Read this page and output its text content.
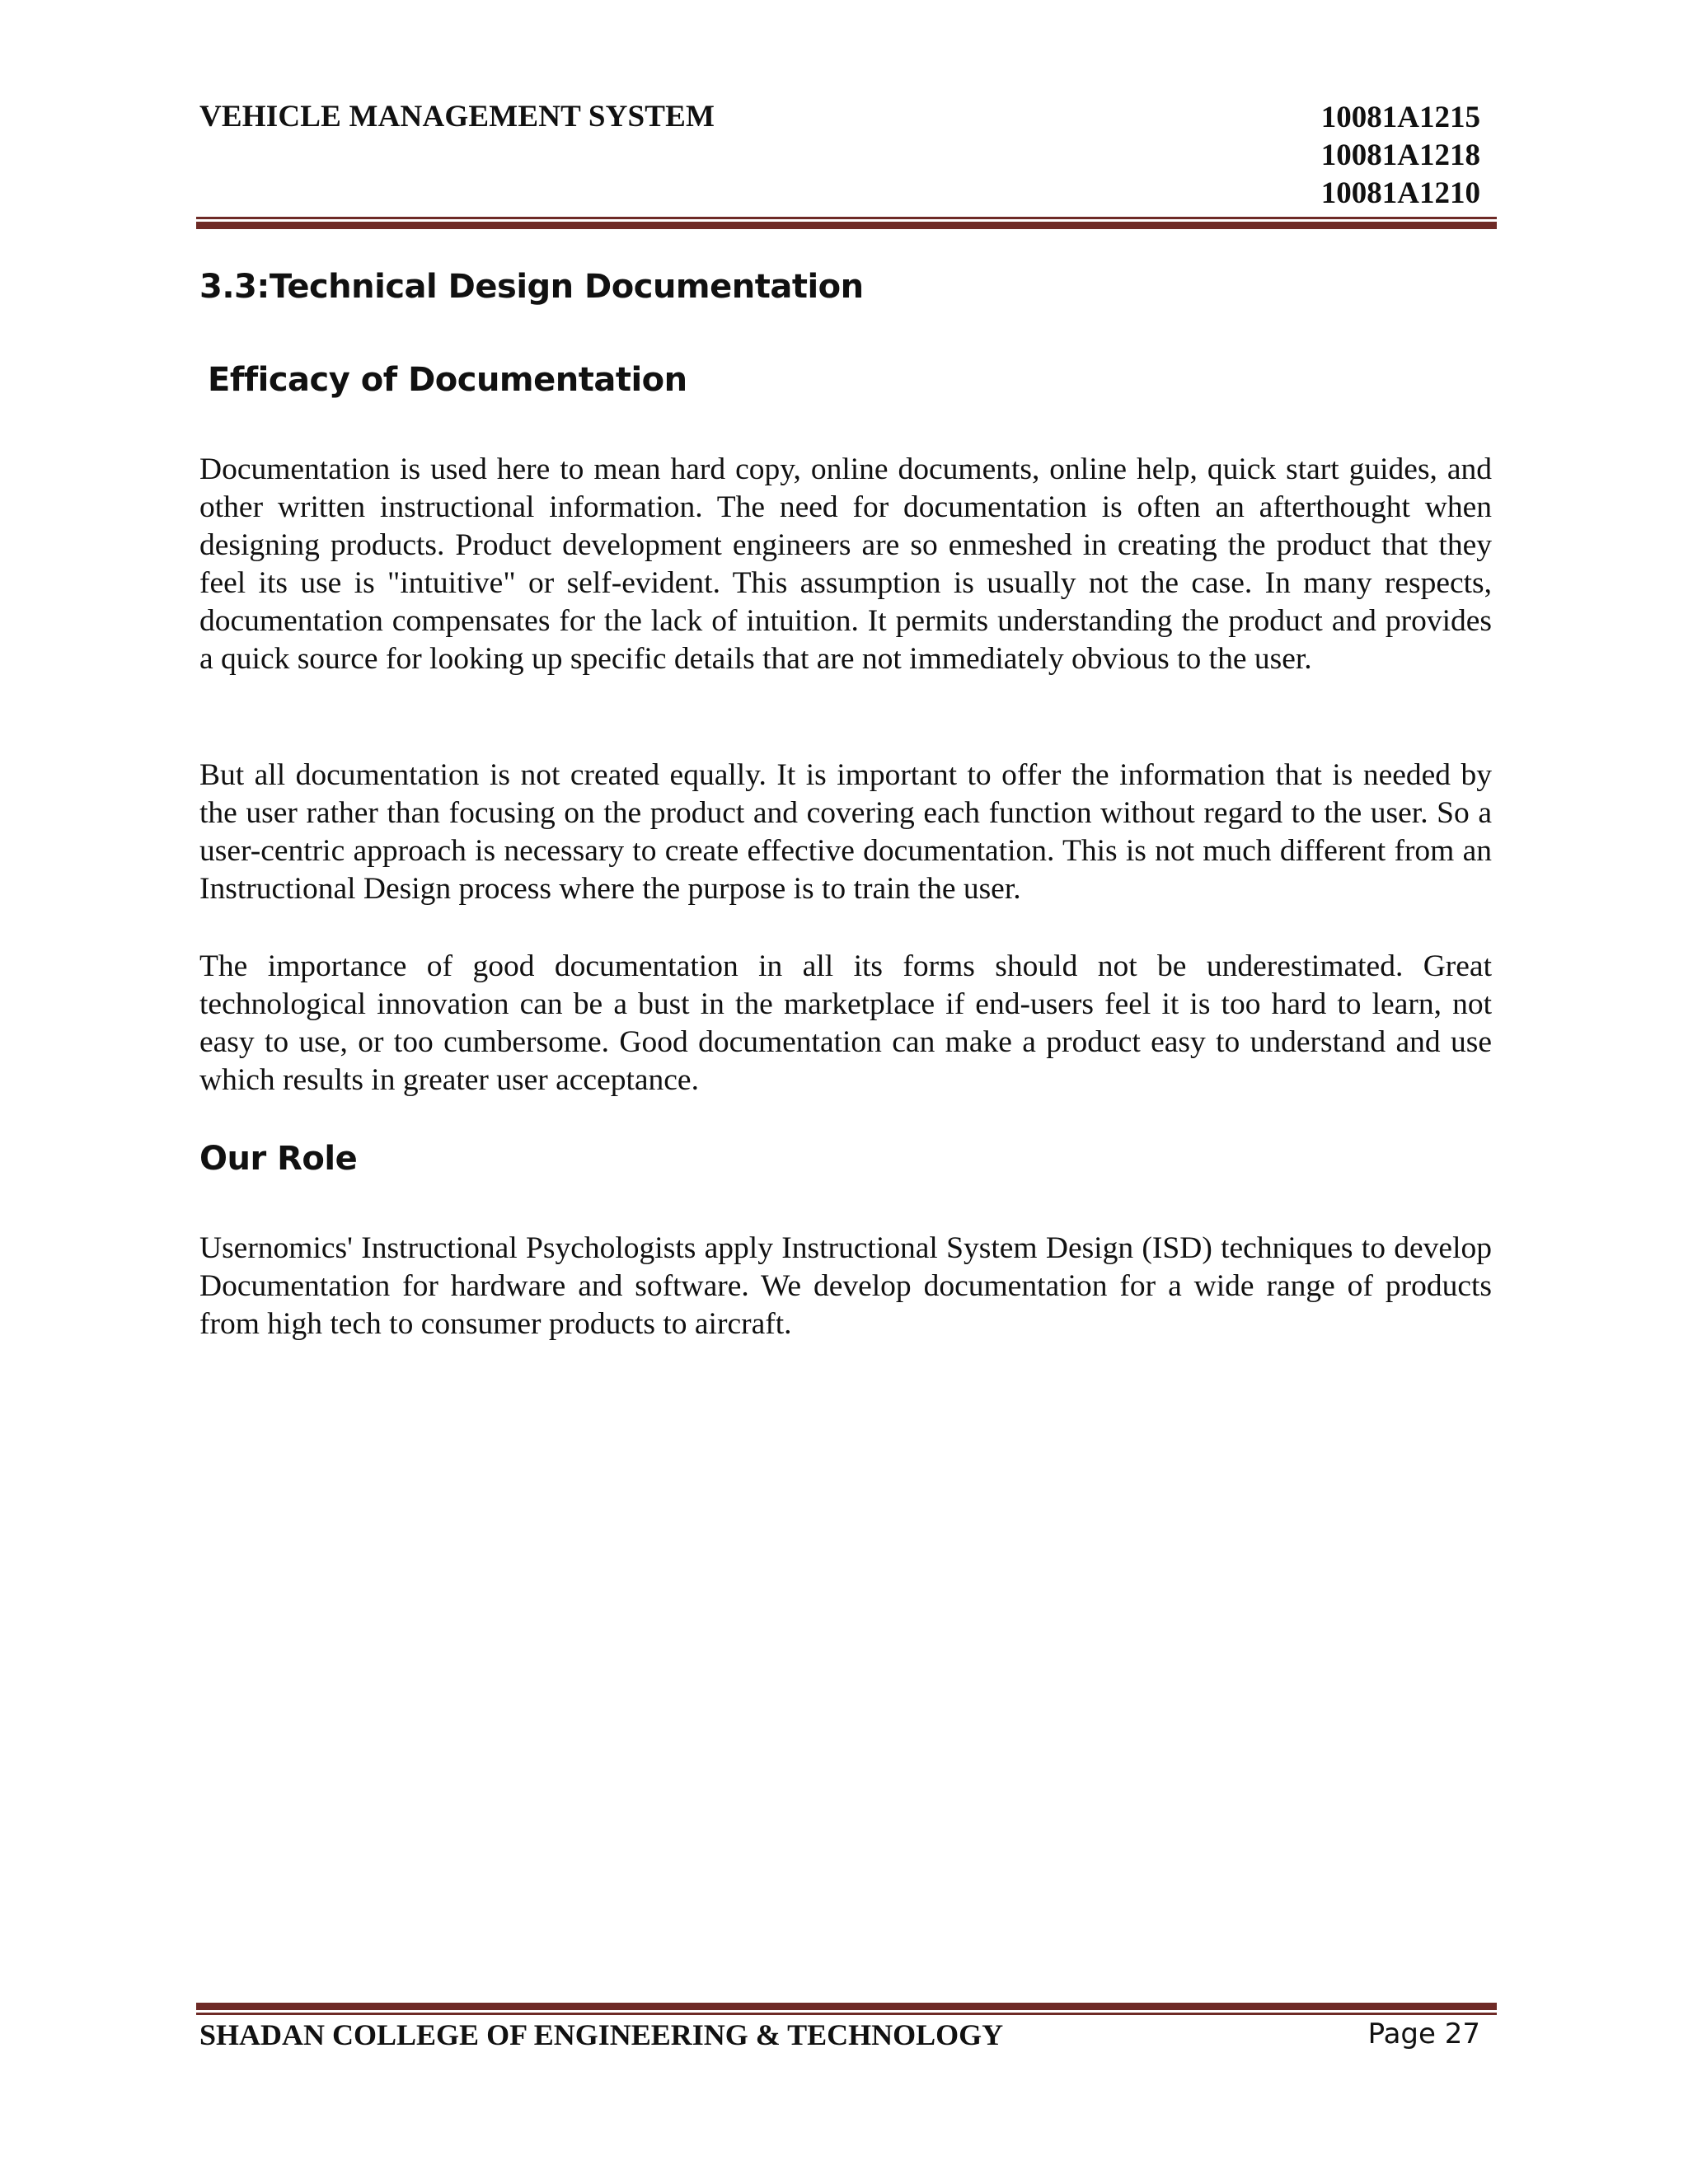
VEHICLE MANAGEMENT SYSTEM	10081A1215
10081A1218
10081A1210
3.3:Technical Design Documentation
Efficacy of Documentation

Documentation is used here to mean hard copy, online documents, online help, quick start guides, and other written instructional information. The need for documentation is often an afterthought when designing products. Product development engineers are so enmeshed in creating the product that they feel its use is "intuitive" or self-evident. This assumption is usually not the case. In many respects, documentation compensates for the lack of intuition. It permits understanding the product and provides a quick source for looking up specific details that are not immediately obvious to the user.

But all documentation is not created equally. It is important to offer the information that is needed by the user rather than focusing on the product and covering each function without regard to the user. So a user-centric approach is necessary to create effective documentation. This is not much different from an Instructional Design process where the purpose is to train the user.

The importance of good documentation in all its forms should not be underestimated. Great technological innovation can be a bust in the marketplace if end-users feel it is too hard to learn, not easy to use, or too cumbersome. Good documentation can make a product easy to understand and use which results in greater user acceptance.

Our Role

Usernomics' Instructional Psychologists apply Instructional System Design (ISD) techniques to develop Documentation for hardware and software. We develop documentation for a wide range of products from high tech to consumer products to aircraft.

SHADAN COLLEGE OF ENGINEERING & TECHNOLOGY	Page 27
